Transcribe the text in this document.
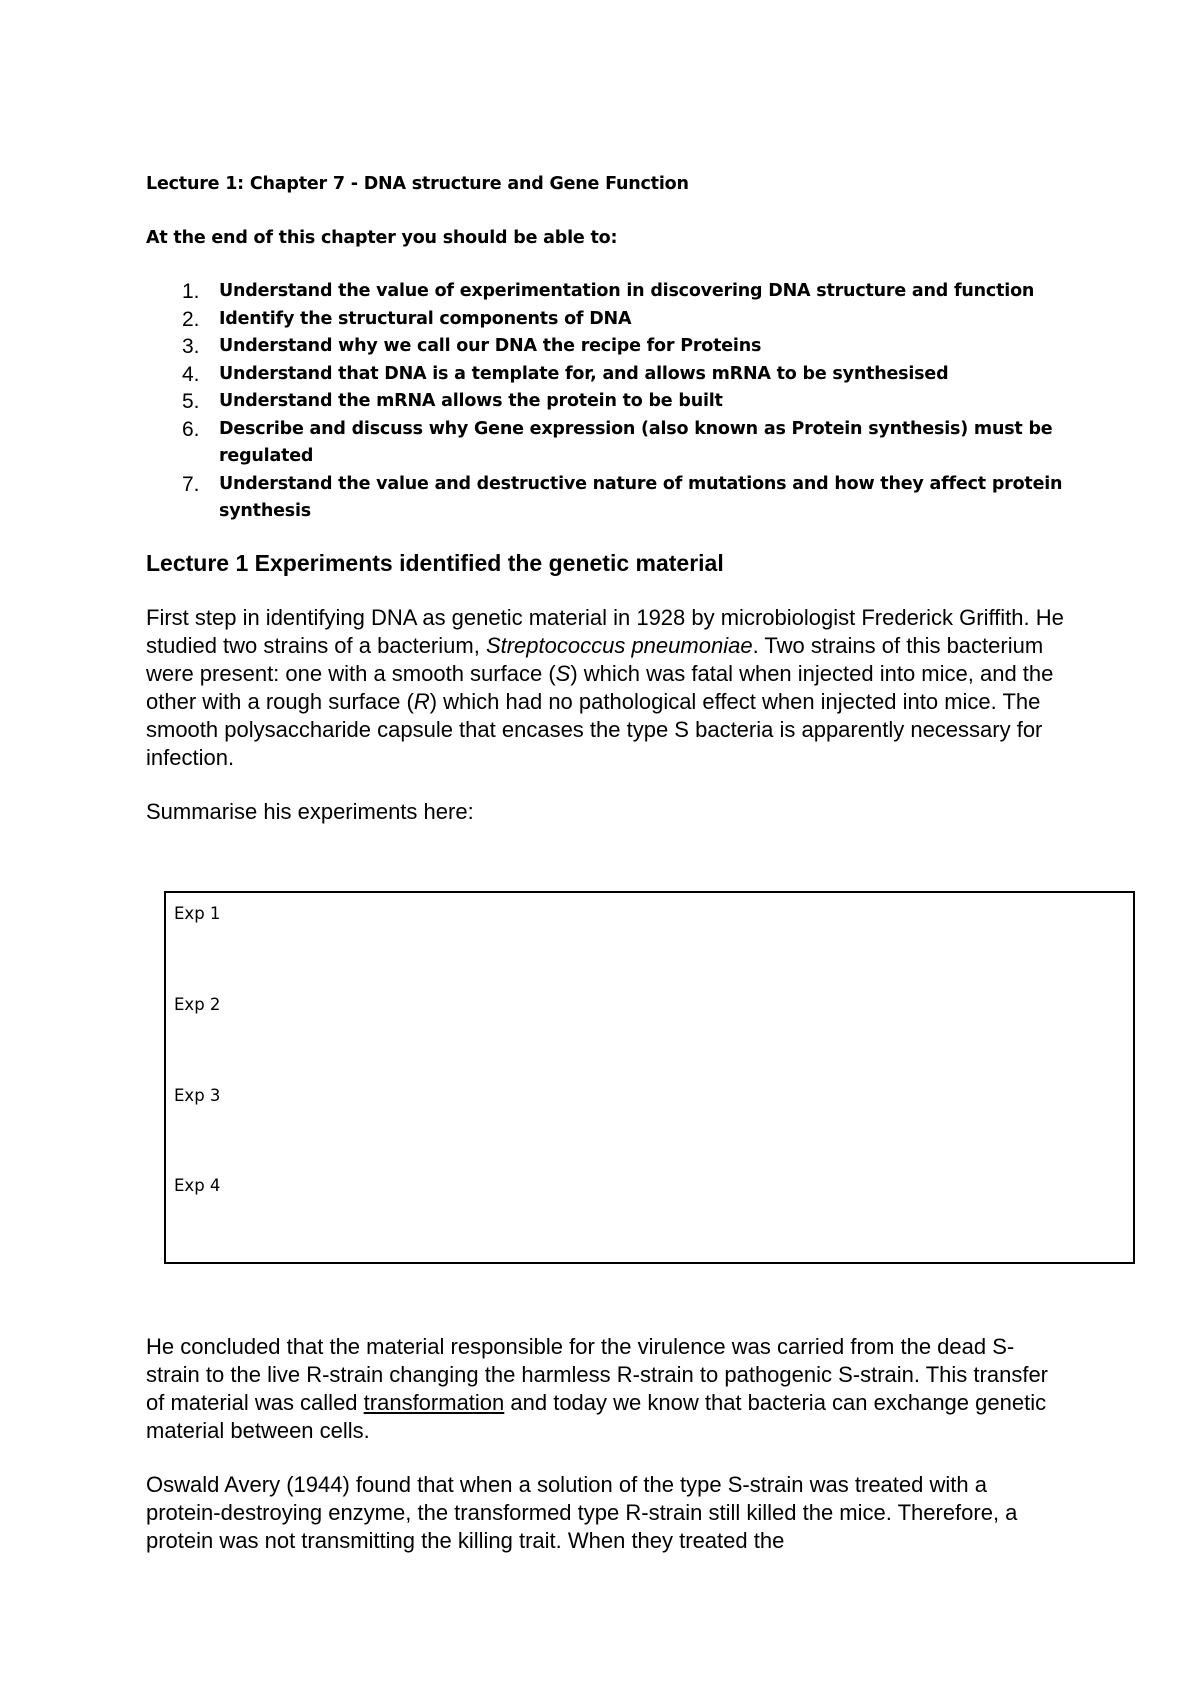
Lecture 1: Chapter 7 - DNA structure and Gene Function

At the end of this chapter you should be able to:

1. Understand the value of experimentation in discovering DNA structure and function
2. Identify the structural components of DNA
3. Understand why we call our DNA the recipe for Proteins
4. Understand that DNA is a template for, and allows mRNA to be synthesised
5. Understand the mRNA allows the protein to be built
6. Describe and discuss why Gene expression (also known as Protein synthesis) must be regulated
7. Understand the value and destructive nature of mutations and how they affect protein synthesis
Lecture 1 Experiments identified the genetic material

First step in identifying DNA as genetic material in 1928 by microbiologist Frederick Griffith. He studied two strains of a bacterium, Streptococcus pneumoniae. Two strains of this bacterium were present: one with a smooth surface (S) which was fatal when injected into mice, and the other with a rough surface (R) which had no pathological effect when injected into mice. The smooth polysaccharide capsule that encases the type S bacteria is apparently necessary for infection.

Summarise his experiments here:

Exp 1
Exp 2
Exp 3
Exp 4

He concluded that the material responsible for the virulence was carried from the dead S-strain to the live R-strain changing the harmless R-strain to pathogenic S-strain. This transfer of material was called transformation and today we know that bacteria can exchange genetic material between cells.

Oswald Avery (1944) found that when a solution of the type S-strain was treated with a protein-destroying enzyme, the transformed type R-strain still killed the mice. Therefore, a protein was not transmitting the killing trait. When they treated the
